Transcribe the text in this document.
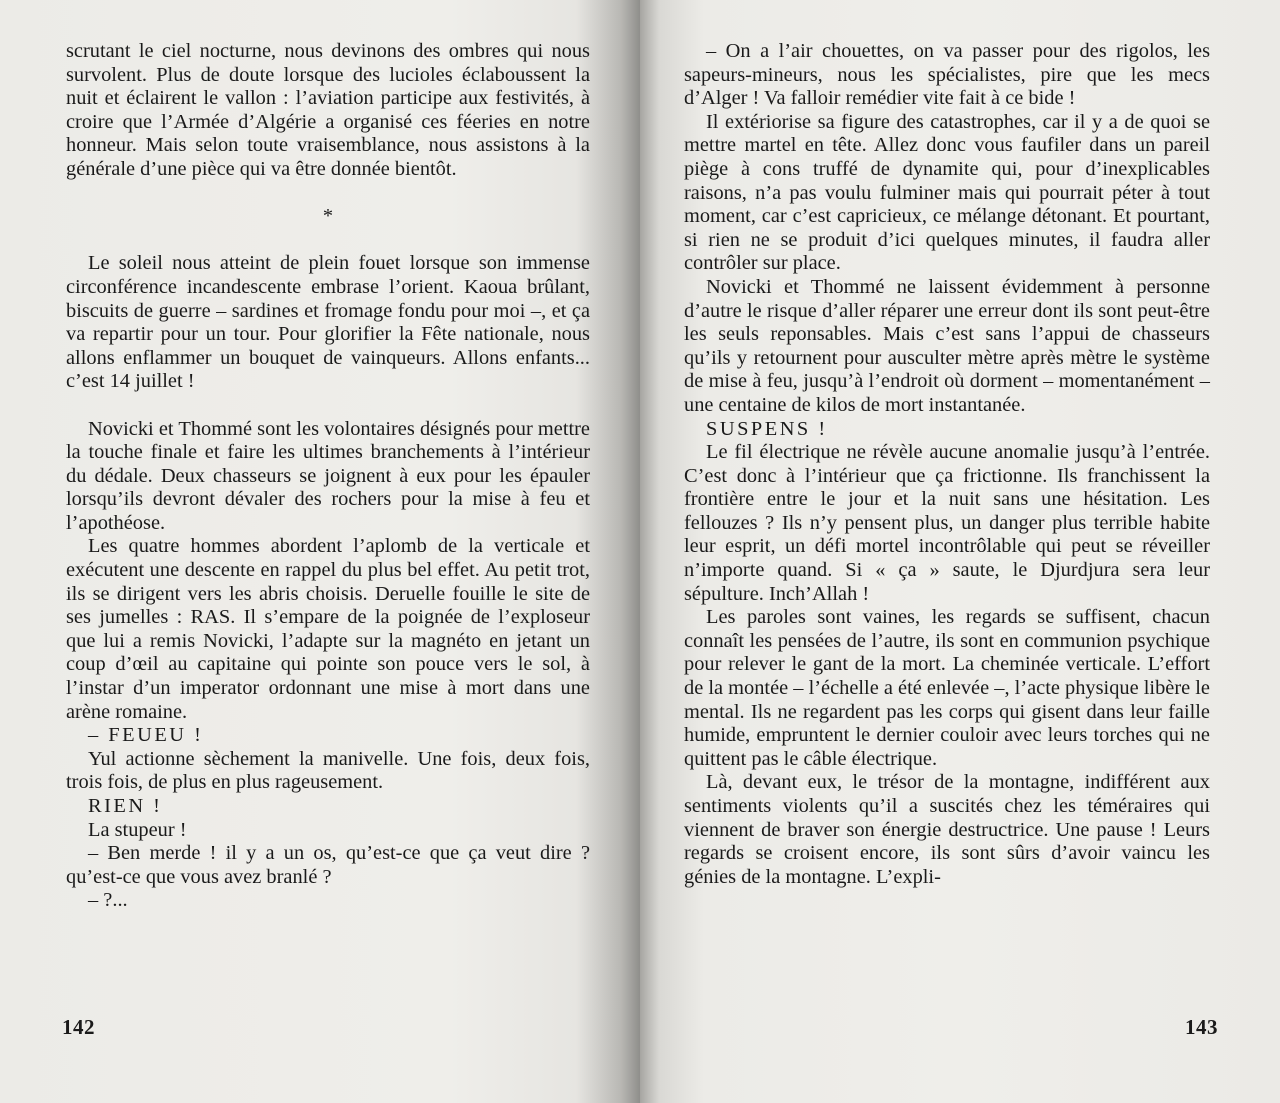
scrutant le ciel nocturne, nous devinons des ombres qui nous survolent. Plus de doute lorsque des lucioles éclaboussent la nuit et éclairent le vallon : l’aviation participe aux festivités, à croire que l’Armée d’Algérie a organisé ces féeries en notre honneur. Mais selon toute vraisemblance, nous assistons à la générale d’une pièce qui va être donnée bientôt.

*

Le soleil nous atteint de plein fouet lorsque son immense circonférence incandescente embrase l’orient. Kaoua brûlant, biscuits de guerre – sardines et fromage fondu pour moi –, et ça va repartir pour un tour. Pour glorifier la Fête nationale, nous allons enflammer un bouquet de vainqueurs. Allons enfants... c’est 14 juillet !

Novicki et Thommé sont les volontaires désignés pour mettre la touche finale et faire les ultimes branchements à l’intérieur du dédale. Deux chasseurs se joignent à eux pour les épauler lorsqu’ils devront dévaler des rochers pour la mise à feu et l’apothéose.

Les quatre hommes abordent l’aplomb de la verticale et exécutent une descente en rappel du plus bel effet. Au petit trot, ils se dirigent vers les abris choisis. Deruelle fouille le site de ses jumelles : RAS. Il s’empare de la poignée de l’exploseur que lui a remis Novicki, l’adapte sur la magnéto en jetant un coup d’œil au capitaine qui pointe son pouce vers le sol, à l’instar d’un imperator ordonnant une mise à mort dans une arène romaine.

– FEUEU !

Yul actionne sèchement la manivelle. Une fois, deux fois, trois fois, de plus en plus rageusement.

RIEN !

La stupeur !

– Ben merde ! il y a un os, qu’est-ce que ça veut dire ? qu’est-ce que vous avez branlé ?

– ?...

142

– On a l’air chouettes, on va passer pour des rigolos, les sapeurs-mineurs, nous les spécialistes, pire que les mecs d’Alger ! Va falloir remédier vite fait à ce bide !

Il extériorise sa figure des catastrophes, car il y a de quoi se mettre martel en tête. Allez donc vous faufiler dans un pareil piège à cons truffé de dynamite qui, pour d’inexplicables raisons, n’a pas voulu fulminer mais qui pourrait péter à tout moment, car c’est capricieux, ce mélange détonant. Et pourtant, si rien ne se produit d’ici quelques minutes, il faudra aller contrôler sur place.

Novicki et Thommé ne laissent évidemment à personne d’autre le risque d’aller réparer une erreur dont ils sont peut-être les seuls reponsables. Mais c’est sans l’appui de chasseurs qu’ils y retournent pour ausculter mètre après mètre le système de mise à feu, jusqu’à l’endroit où dorment – momentanément – une centaine de kilos de mort instantanée.

SUSPENS !

Le fil électrique ne révèle aucune anomalie jusqu’à l’entrée. C’est donc à l’intérieur que ça frictionne. Ils franchissent la frontière entre le jour et la nuit sans une hésitation. Les fellouzes ? Ils n’y pensent plus, un danger plus terrible habite leur esprit, un défi mortel incontrôlable qui peut se réveiller n’importe quand. Si « ça » saute, le Djurdjura sera leur sépulture. Inch’Allah !

Les paroles sont vaines, les regards se suffisent, chacun connaît les pensées de l’autre, ils sont en communion psychique pour relever le gant de la mort. La cheminée verticale. L’effort de la montée – l’échelle a été enlevée –, l’acte physique libère le mental. Ils ne regardent pas les corps qui gisent dans leur faille humide, empruntent le dernier couloir avec leurs torches qui ne quittent pas le câble électrique.

Là, devant eux, le trésor de la montagne, indifférent aux sentiments violents qu’il a suscités chez les téméraires qui viennent de braver son énergie destructrice. Une pause ! Leurs regards se croisent encore, ils sont sûrs d’avoir vaincu les génies de la montagne. L’expli-

143
